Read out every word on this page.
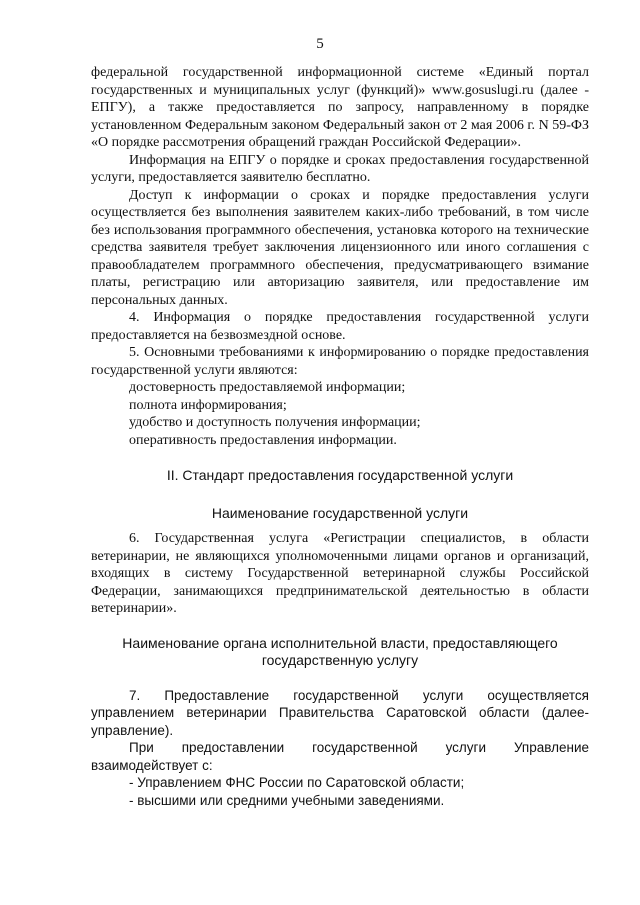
5

федеральной государственной информационной системе «Единый портал государственных и муниципальных услуг (функций)» www.gosuslugi.ru (далее - ЕПГУ), а также предоставляется по запросу, направленному в порядке установленном Федеральным законом Федеральный закон от 2 мая 2006 г. N 59-ФЗ «О порядке рассмотрения обращений граждан Российской Федерации».

Информация на ЕПГУ о порядке и сроках предоставления государственной услуги, предоставляется заявителю бесплатно.

Доступ к информации о сроках и порядке предоставления услуги осуществляется без выполнения заявителем каких-либо требований, в том числе без использования программного обеспечения, установка которого на технические средства заявителя требует заключения лицензионного или иного соглашения с правообладателем программного обеспечения, предусматривающего взимание платы, регистрацию или авторизацию заявителя, или предоставление им персональных данных.

4. Информация о порядке предоставления государственной услуги предоставляется на безвозмездной основе.

5. Основными требованиями к информированию о порядке предоставления государственной услуги являются:

достоверность предоставляемой информации;

полнота информирования;

удобство и доступность получения информации;

оперативность предоставления информации.

II. Стандарт предоставления государственной услуги

Наименование государственной услуги

6. Государственная услуга «Регистрации специалистов, в области ветеринарии, не являющихся уполномоченными лицами органов и организаций, входящих в систему Государственной ветеринарной службы Российской Федерации, занимающихся предпринимательской деятельностью в области ветеринарии».

Наименование органа исполнительной власти, предоставляющего

государственную услугу

7. Предоставление государственной услуги осуществляется управлением ветеринарии Правительства Саратовской области (далее-управление).

При предоставлении государственной услуги Управление взаимодействует с:

- Управлением ФНС России по Саратовской области;

- высшими или средними учебными заведениями.
